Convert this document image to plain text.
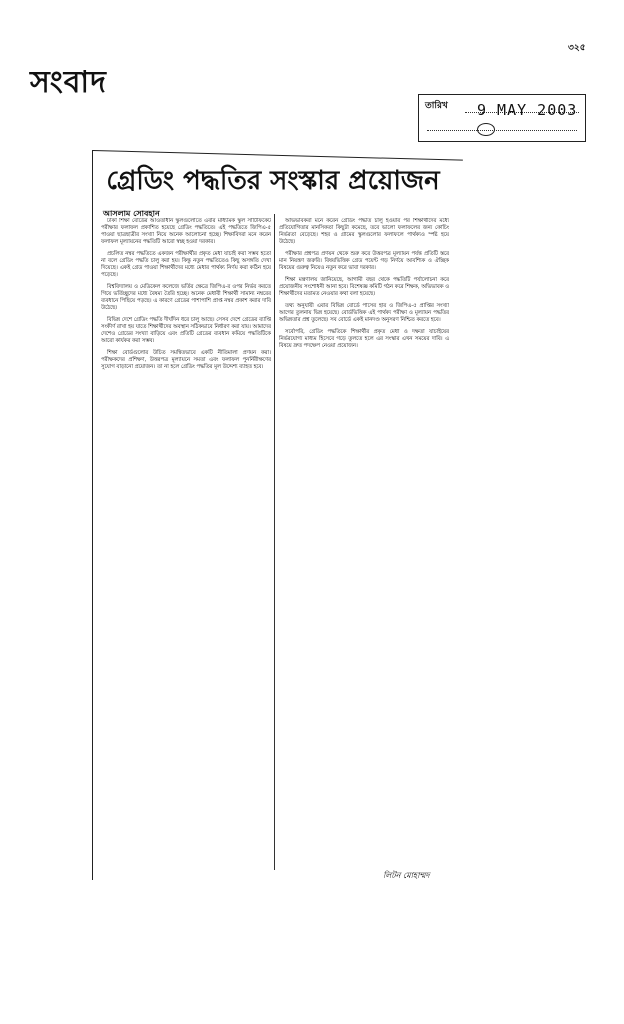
৩২৫
সংবাদ
তারিখ 9 MAY 2003
গ্রেডিং পদ্ধতির সংস্কার প্রয়োজন
আসলাম সোবহান

ঢাকা শিক্ষা বোর্ডের আওতাধীন স্কুলগুলোতে এবার মাধ্যমিক স্কুল সার্টিফিকেট পরীক্ষার ফলাফল প্রকাশিত হয়েছে গ্রেডিং পদ্ধতিতে। এই পদ্ধতিতে জিপিএ-৫ পাওয়া ছাত্রছাত্রীর সংখ্যা নিয়ে অনেক আলোচনা হচ্ছে। শিক্ষাবিদরা মনে করেন ফলাফল মূল্যায়নের পদ্ধতিটি আরো স্বচ্ছ হওয়া দরকার।

প্রচলিত নম্বর পদ্ধতিতে একজন পরীক্ষার্থীর প্রকৃত মেধা যাচাই করা সম্ভব হতো না বলে গ্রেডিং পদ্ধতি চালু করা হয়। কিন্তু নতুন পদ্ধতিতেও কিছু অসঙ্গতি দেখা দিয়েছে। একই গ্রেড পাওয়া শিক্ষার্থীদের মধ্যে মেধার পার্থক্য নির্ণয় করা কঠিন হয়ে পড়েছে।

বিশ্ববিদ্যালয় ও মেডিকেল কলেজে ভর্তির ক্ষেত্রে জিপিএ-র ওপর নির্ভর করতে গিয়ে ভর্তিচ্ছুদের মধ্যে বৈষম্য তৈরি হচ্ছে। অনেক মেধাবী শিক্ষার্থী সামান্য নম্বরের ব্যবধানে পিছিয়ে পড়ছে। এ কারণে গ্রেডের পাশাপাশি প্রাপ্ত নম্বর প্রকাশ করার দাবি উঠেছে।

বিভিন্ন দেশে গ্রেডিং পদ্ধতি দীর্ঘদিন ধরে চালু আছে। সেসব দেশে গ্রেডের ব্যাপ্তি সংকীর্ণ রাখা হয় যাতে শিক্ষার্থীদের অবস্থান সঠিকভাবে নির্ধারণ করা যায়। আমাদের দেশেও গ্রেডের সংখ্যা বাড়িয়ে এবং প্রতিটি গ্রেডের ব্যবধান কমিয়ে পদ্ধতিটিকে আরো কার্যকর করা সম্ভব।

শিক্ষা বোর্ডগুলোর উচিত সমন্বিতভাবে একটি নীতিমালা প্রণয়ন করা। পরীক্ষকদের প্রশিক্ষণ, উত্তরপত্র মূল্যায়নে সমতা এবং ফলাফল পুনর্নিরীক্ষণের সুযোগ বাড়ানো প্রয়োজন। তা না হলে গ্রেডিং পদ্ধতির মূল উদ্দেশ্য ব্যাহত হবে।

অভিভাবকরা মনে করেন গ্রেডিং পদ্ধতি চালু হওয়ার পর শিক্ষার্থীদের মধ্যে প্রতিযোগিতার মানসিকতা কিছুটা কমেছে, তবে ভালো ফলাফলের জন্য কোচিং নির্ভরতা বেড়েছে। শহর ও গ্রামের স্কুলগুলোর ফলাফলে পার্থক্যও স্পষ্ট হয়ে উঠেছে।

পরীক্ষার প্রশ্নপত্র প্রণয়ন থেকে শুরু করে উত্তরপত্র মূল্যায়ন পর্যন্ত প্রতিটি স্তরে মান নিয়ন্ত্রণ জরুরি। বিষয়ভিত্তিক গ্রেড পয়েন্ট গড় নির্ণয়ে আবশ্যিক ও ঐচ্ছিক বিষয়ের গুরুত্ব নিয়েও নতুন করে ভাবা দরকার।

শিক্ষা মন্ত্রণালয় জানিয়েছে, আগামী বছর থেকে পদ্ধতিটি পর্যালোচনা করে প্রয়োজনীয় সংশোধনী আনা হবে। বিশেষজ্ঞ কমিটি গঠন করে শিক্ষক, অভিভাবক ও শিক্ষার্থীদের মতামত নেওয়ার কথা বলা হয়েছে।

তথ্য অনুযায়ী এবার বিভিন্ন বোর্ডে পাসের হার ও জিপিএ-৫ প্রাপ্তির সংখ্যা আগের তুলনায় ভিন্ন হয়েছে। বোর্ডভিত্তিক এই পার্থক্য পরীক্ষা ও মূল্যায়ন পদ্ধতির অভিন্নতার প্রশ্ন তুলেছে। সব বোর্ডে একই মানদণ্ড অনুসরণ নিশ্চিত করতে হবে।

সর্বোপরি, গ্রেডিং পদ্ধতিকে শিক্ষার্থীর প্রকৃত মেধা ও দক্ষতা যাচাইয়ের নির্ভরযোগ্য মাধ্যম হিসেবে গড়ে তুলতে হলে এর সংস্কার এখন সময়ের দাবি। এ বিষয়ে দ্রুত পদক্ষেপ নেওয়া প্রয়োজন।

লিটন মোহাম্মদ
